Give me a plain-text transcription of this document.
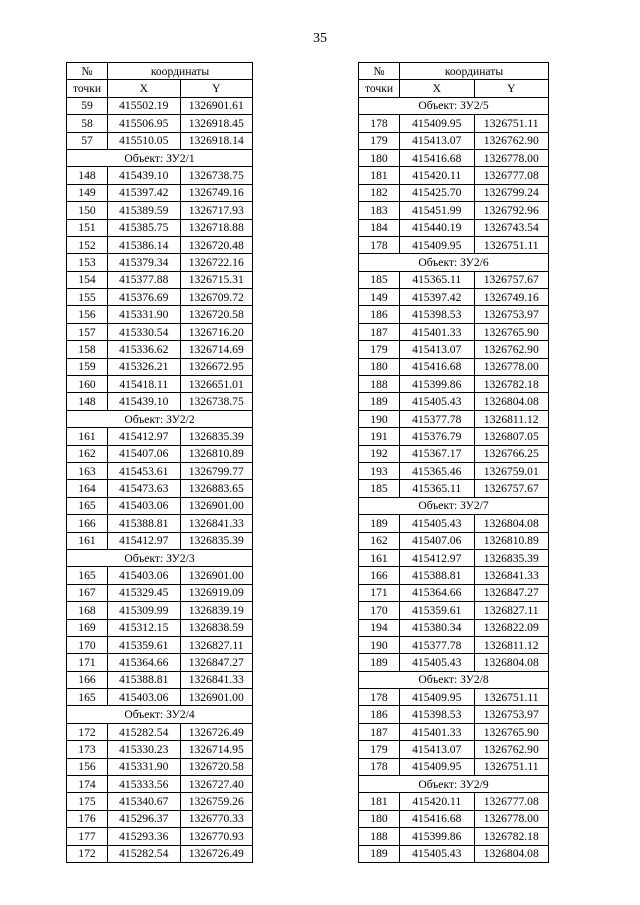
35
№	координаты	
точки	X	Y
59	415502.19	1326901.61
58	415506.95	1326918.45
57	415510.05	1326918.14
Объект: ЗУ2/1		
148	415439.10	1326738.75
149	415397.42	1326749.16
150	415389.59	1326717.93
151	415385.75	1326718.88
152	415386.14	1326720.48
153	415379.34	1326722.16
154	415377.88	1326715.31
155	415376.69	1326709.72
156	415331.90	1326720.58
157	415330.54	1326716.20
158	415336.62	1326714.69
159	415326.21	1326672.95
160	415418.11	1326651.01
148	415439.10	1326738.75
Объект: ЗУ2/2		
161	415412.97	1326835.39
162	415407.06	1326810.89
163	415453.61	1326799.77
164	415473.63	1326883.65
165	415403.06	1326901.00
166	415388.81	1326841.33
161	415412.97	1326835.39
Объект: ЗУ2/3		
165	415403.06	1326901.00
167	415329.45	1326919.09
168	415309.99	1326839.19
169	415312.15	1326838.59
170	415359.61	1326827.11
171	415364.66	1326847.27
166	415388.81	1326841.33
165	415403.06	1326901.00
Объект: ЗУ2/4		
172	415282.54	1326726.49
173	415330.23	1326714.95
156	415331.90	1326720.58
174	415333.56	1326727.40
175	415340.67	1326759.26
176	415296.37	1326770.33
177	415293.36	1326770.93
172	415282.54	1326726.49
№	координаты	
точки	X	Y
Объект: ЗУ2/5		
178	415409.95	1326751.11
179	415413.07	1326762.90
180	415416.68	1326778.00
181	415420.11	1326777.08
182	415425.70	1326799.24
183	415451.99	1326792.96
184	415440.19	1326743.54
178	415409.95	1326751.11
Объект: ЗУ2/6		
185	415365.11	1326757.67
149	415397.42	1326749.16
186	415398.53	1326753.97
187	415401.33	1326765.90
179	415413.07	1326762.90
180	415416.68	1326778.00
188	415399.86	1326782.18
189	415405.43	1326804.08
190	415377.78	1326811.12
191	415376.79	1326807.05
192	415367.17	1326766.25
193	415365.46	1326759.01
185	415365.11	1326757.67
Объект: ЗУ2/7		
189	415405.43	1326804.08
162	415407.06	1326810.89
161	415412.97	1326835.39
166	415388.81	1326841.33
171	415364.66	1326847.27
170	415359.61	1326827.11
194	415380.34	1326822.09
190	415377.78	1326811.12
189	415405.43	1326804.08
Объект: ЗУ2/8		
178	415409.95	1326751.11
186	415398.53	1326753.97
187	415401.33	1326765.90
179	415413.07	1326762.90
178	415409.95	1326751.11
Объект: ЗУ2/9		
181	415420.11	1326777.08
180	415416.68	1326778.00
188	415399.86	1326782.18
189	415405.43	1326804.08
